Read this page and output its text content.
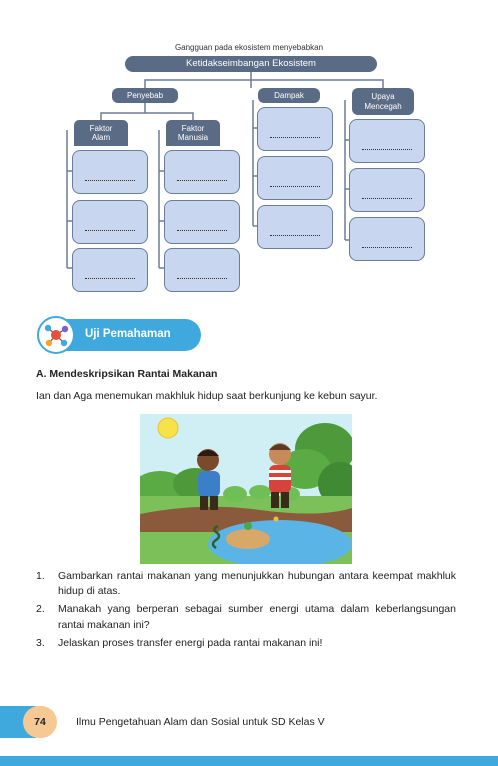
Gangguan pada ekosistem menyebabkan
Ketidakseimbangan Ekosistem
Penyebab	Dampak	Upaya
Mencegah
Faktor
Alam
Faktor
Manusia
Uji Pemahaman
A. Mendeskripsikan Rantai Makanan
Ian dan Aga menemukan makhluk hidup saat berkunjung ke kebun sayur.
1.	Gambarkan rantai makanan yang menunjukkan hubungan antara keempat makhluk hidup di atas.
2.	Manakah yang berperan sebagai sumber energi utama dalam keberlangsungan rantai makanan ini?
3.	Jelaskan proses transfer energi pada rantai makanan ini!
74	Ilmu Pengetahuan Alam dan Sosial untuk SD Kelas V
